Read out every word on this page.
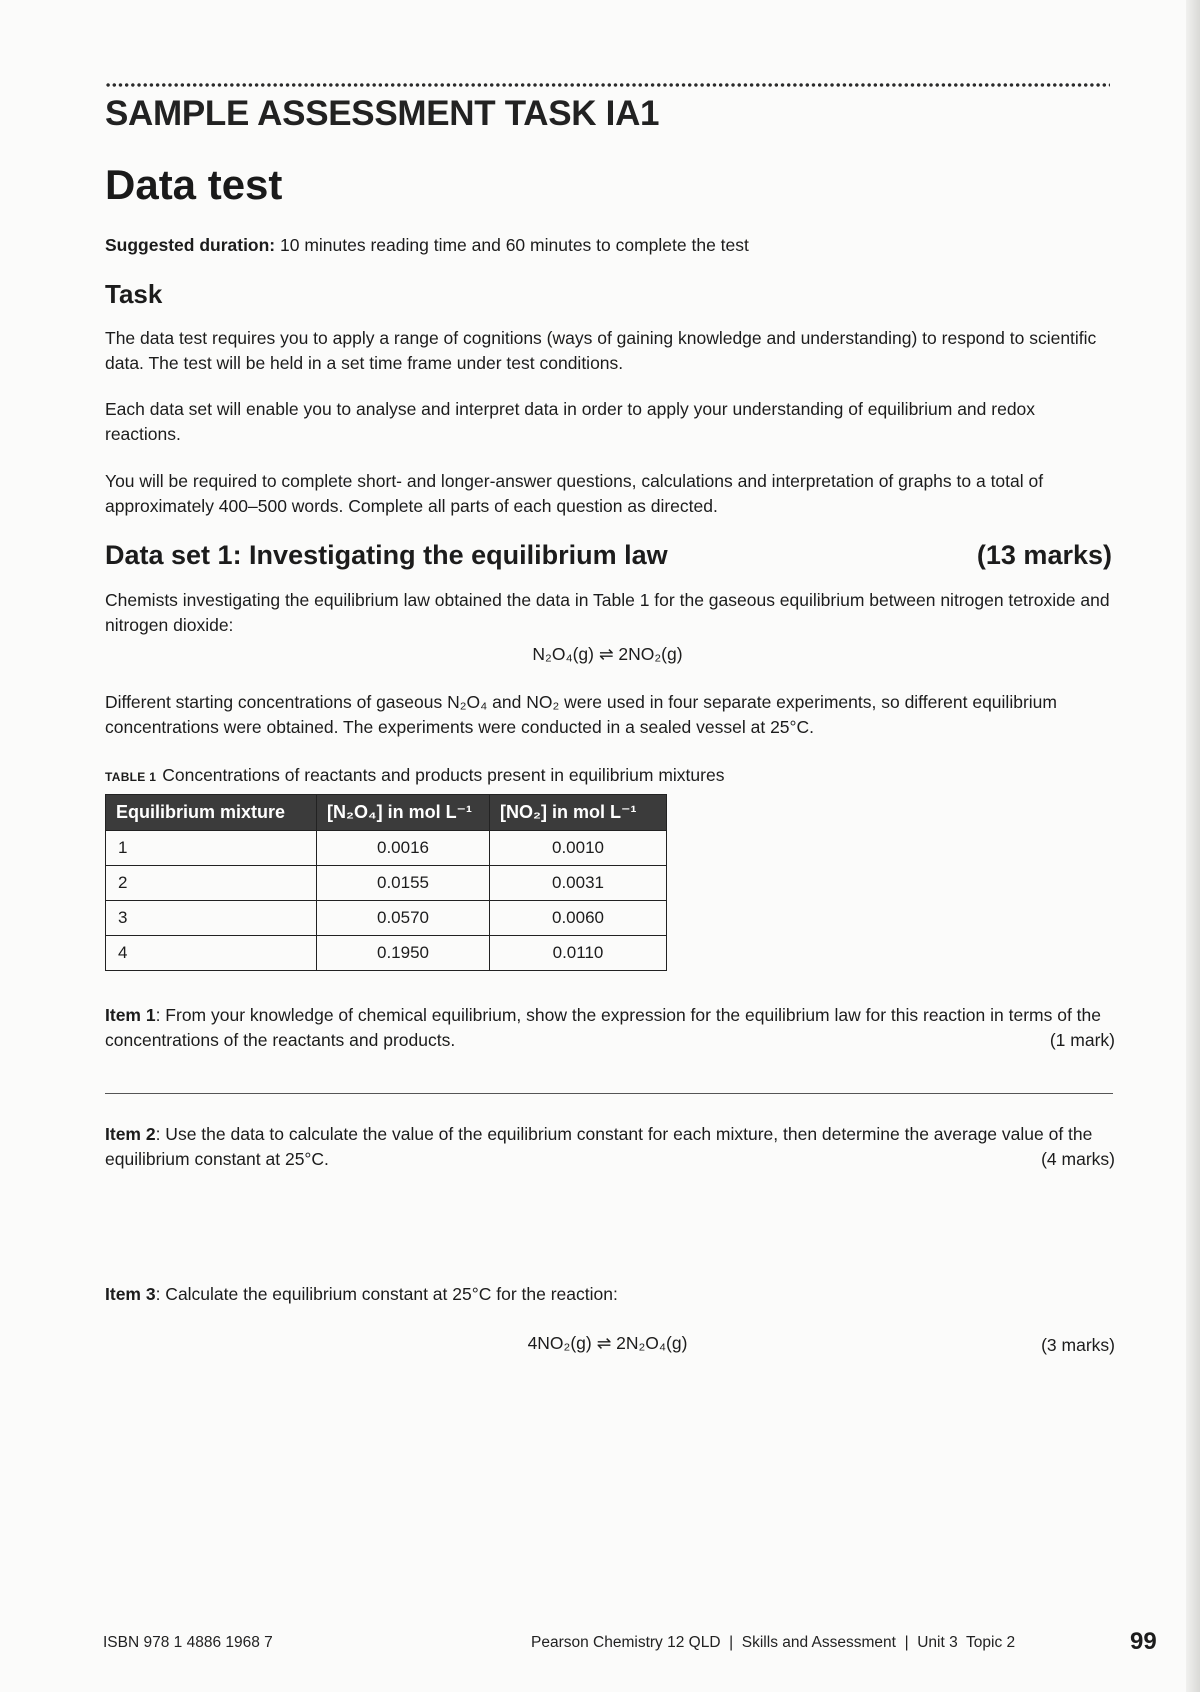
SAMPLE ASSESSMENT TASK IA1
Data test
Suggested duration: 10 minutes reading time and 60 minutes to complete the test
Task
The data test requires you to apply a range of cognitions (ways of gaining knowledge and understanding) to respond to scientific data. The test will be held in a set time frame under test conditions.
Each data set will enable you to analyse and interpret data in order to apply your understanding of equilibrium and redox reactions.
You will be required to complete short- and longer-answer questions, calculations and interpretation of graphs to a total of approximately 400–500 words. Complete all parts of each question as directed.
Data set 1: Investigating the equilibrium law	(13 marks)
Chemists investigating the equilibrium law obtained the data in Table 1 for the gaseous equilibrium between nitrogen tetroxide and nitrogen dioxide:
N₂O₄(g) ⇌ 2NO₂(g)
Different starting concentrations of gaseous N₂O₄ and NO₂ were used in four separate experiments, so different equilibrium concentrations were obtained. The experiments were conducted in a sealed vessel at 25°C.
TABLE 1 Concentrations of reactants and products present in equilibrium mixtures
Equilibrium mixture	[N₂O₄] in mol L⁻¹	[NO₂] in mol L⁻¹
1	0.0016	0.0010
2	0.0155	0.0031
3	0.0570	0.0060
4	0.1950	0.0110
Item 1: From your knowledge of chemical equilibrium, show the expression for the equilibrium law for this reaction in terms of the concentrations of the reactants and products.	(1 mark)
Item 2: Use the data to calculate the value of the equilibrium constant for each mixture, then determine the average value of the equilibrium constant at 25°C.	(4 marks)
Item 3: Calculate the equilibrium constant at 25°C for the reaction:
4NO₂(g) ⇌ 2N₂O₄(g)	(3 marks)
ISBN 978 1 4886 1968 7	Pearson Chemistry 12 QLD  |  Skills and Assessment  |  Unit 3  Topic 2	99
